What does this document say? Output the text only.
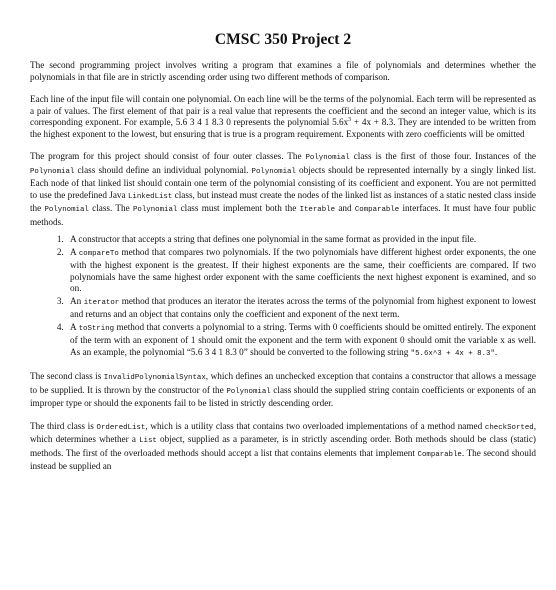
CMSC 350 Project 2

The second programming project involves writing a program that examines a file of polynomials and determines whether the polynomials in that file are in strictly ascending order using two different methods of comparison.

Each line of the input file will contain one polynomial. On each line will be the terms of the polynomial. Each term will be represented as a pair of values. The first element of that pair is a real value that represents the coefficient and the second an integer value, which is its corresponding exponent. For example, 5.6 3 4 1 8.3 0 represents the polynomial $5.6x^3 + 4x + 8.3$. They are intended to be written from the highest exponent to the lowest, but ensuring that is true is a program requirement. Exponents with zero coefficients will be omitted

The program for this project should consist of four outer classes. The Polynomial class is the first of those four. Instances of the Polynomial class should define an individual polynomial. Polynomial objects should be represented internally by a singly linked list. Each node of that linked list should contain one term of the polynomial consisting of its coefficient and exponent. You are not permitted to use the predefined Java LinkedList class, but instead must create the nodes of the linked list as instances of a static nested class inside the Polynomial class. The Polynomial class must implement both the Iterable and Comparable interfaces. It must have four public methods.

1. A constructor that accepts a string that defines one polynomial in the same format as provided in the input file.
2. A compareTo method that compares two polynomials. If the two polynomials have different highest order exponents, the one with the highest exponent is the greatest. If their highest exponents are the same, their coefficients are compared. If two polynomials have the same highest order exponent with the same coefficients the next highest exponent is examined, and so on.
3. An iterator method that produces an iterator the iterates across the terms of the polynomial from highest exponent to lowest and returns and an object that contains only the coefficient and exponent of the next term.
4. A toString method that converts a polynomial to a string. Terms with 0 coefficients should be omitted entirely. The exponent of the term with an exponent of 1 should omit the exponent and the term with exponent 0 should omit the variable x as well. As an example, the polynomial “5.6 3 4 1 8.3 0” should be converted to the following string "5.6x^3 + 4x + 8.3".

The second class is InvalidPolynomialSyntax, which defines an unchecked exception that contains a constructor that allows a message to be supplied. It is thrown by the constructor of the Polynomial class should the supplied string contain coefficients or exponents of an improper type or should the exponents fail to be listed in strictly descending order.

The third class is OrderedList, which is a utility class that contains two overloaded implementations of a method named checkSorted, which determines whether a List object, supplied as a parameter, is in strictly ascending order. Both methods should be class (static) methods. The first of the overloaded methods should accept a list that contains elements that implement Comparable. The second should instead be supplied an
